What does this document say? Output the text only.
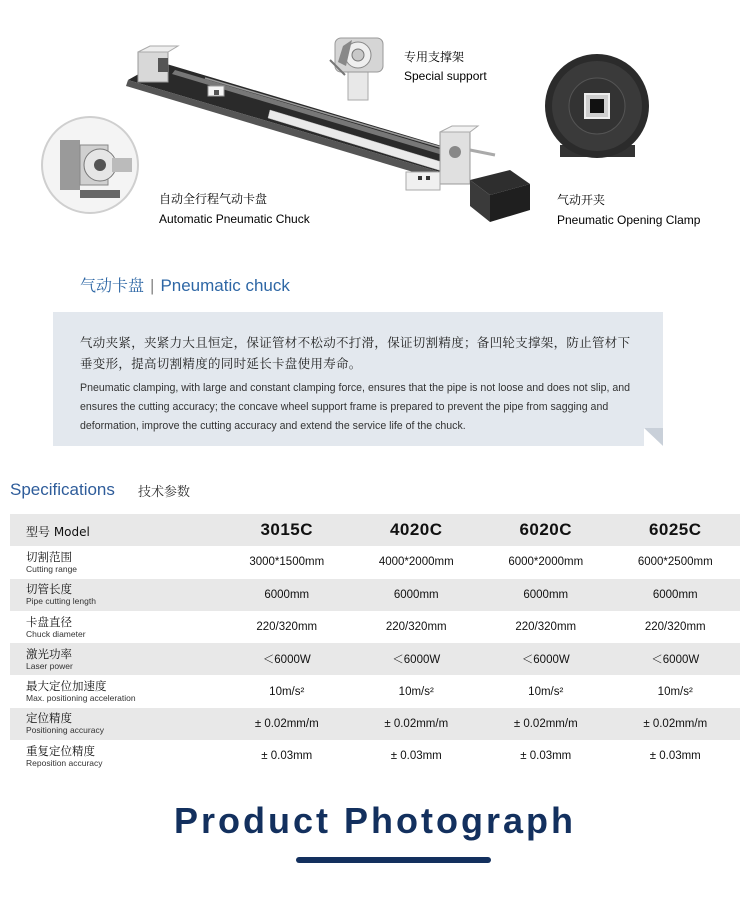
专用支撑架
Special support
自动全行程气动卡盘
Automatic Pneumatic Chuck
气动开夹
Pneumatic Opening Clamp
气动卡盘 | Pneumatic chuck
气动夹紧，夹紧力大且恒定，保证管材不松动不打滑，保证切割精度；备凹轮支撑架，防止管材下垂变形，提高切割精度的同时延长卡盘使用寿命。
Pneumatic clamping, with large and constant clamping force, ensures that the pipe is not loose and does not slip, and ensures the cutting accuracy; the concave wheel support frame is prepared to prevent the pipe from sagging and deformation, improve the cutting accuracy and extend the service life of the chuck.
Specifications 技术参数
型号 Model	3015C	4020C	6020C	6025C

切割范围
Cutting range	3000*1500mm	4000*2000mm	6000*2000mm	6000*2500mm

切管长度
Pipe cutting length	6000mm	6000mm	6000mm	6000mm

卡盘直径
Chuck diameter	220/320mm	220/320mm	220/320mm	220/320mm

激光功率
Laser power	＜6000W	＜6000W	＜6000W	＜6000W

最大定位加速度
Max. positioning acceleration	10m/s²	10m/s²	10m/s²	10m/s²

定位精度
Positioning accuracy	± 0.02mm/m	± 0.02mm/m	± 0.02mm/m	± 0.02mm/m

重复定位精度
Reposition accuracy	± 0.03mm	± 0.03mm	± 0.03mm	± 0.03mm
Product Photograph
